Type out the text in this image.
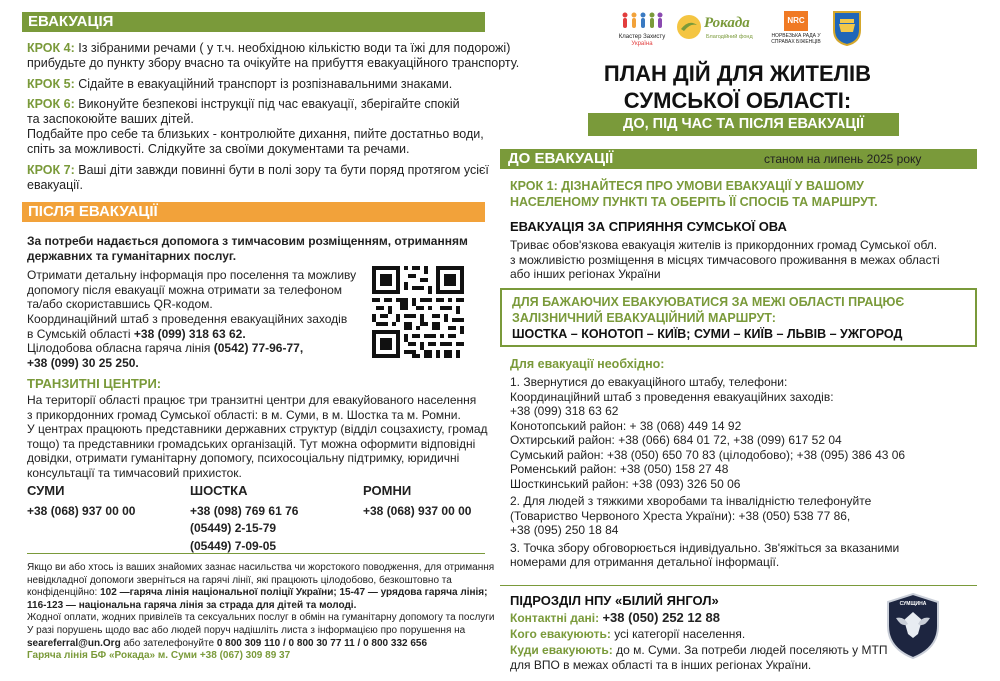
ЕВАКУАЦІЯ
КРОК 4: Із зібраними речами ( у т.ч. необхідною кількістю води та їжі для подорожі)
прибудьте до пункту збору вчасно та очікуйте на прибуття евакуаційного транспорту.
КРОК 5: Сідайте в евакуаційний транспорт із розпізнавальними знаками.
КРОК 6: Виконуйте безпекові інструкції під час евакуації, зберігайте спокій
та заспокоюйте ваших дітей.
Подбайте про себе та близьких - контролюйте дихання, пийте достатньо води,
спіть за можливості. Слідкуйте за своїми документами та речами.
КРОК 7: Ваші діти завжди повинні бути в полі зору та бути поряд протягом усієї
евакуації.
ПІСЛЯ ЕВАКУАЦІЇ
За потреби надається допомога з тимчасовим розміщенням, отриманням
державних та гуманітарних послуг.
Отримати детальну інформація про поселення та можливу
допомогу після евакуації можна отримати за телефоном
та/або скориставшись QR-кодом.
Координаційний штаб з проведення евакуаційних заходів
в Сумській області +38 (099) 318 63 62.
Цілодобова обласна гаряча лінія (0542) 77-96-77,
+38 (099) 30 25 250.
ТРАНЗИТНІ ЦЕНТРИ:
На території області працює три транзитні центри для евакуйованого населення
з прикордонних громад Сумської області: в м. Суми, в м. Шостка та м. Ромни.
У центрах працюють представники державних структур (відділ соцзахисту, громад
тощо) та представники громадських організацій. Тут можна оформити відповідні
довідки, отримати гуманітарну допомогу, психосоціальну підтримку, юридичні
консультації та тимчасовий прихисток.
СУМИ
+38 (068) 937 00 00
ШОСТКА
+38 (098) 769 61 76
(05449) 2-15-79
(05449) 7-09-05
РОМНИ
+38 (068) 937 00 00
Якщо ви або хтось із ваших знайомих зазнає насильства чи жорстокого поводження, для отримання
невідкладної допомоги зверніться на гарячі лінії, які працюють цілодобово, безкоштовно та
конфіденційно: 102 —гаряча лінія національної поліції України; 15-47 — урядова гаряча лінія;
116-123 — національна гаряча лінія за страда для дітей та молоді.
Жодної оплати, жодних привілеїв та сексуальних послуг в обмін на гуманітарну допомогу та послуги
У разі порушень щодо вас або людей поруч надішліть листа з інформацією про порушення на
seareferral@un.Org або зателефонуйте 0 800 309 110 / 0 800 30 77 11 / 0 800 332 656
Гаряча лінія БФ «Рокада» м. Суми +38 (067) 309 89 37
Кластер Захисту
Україна
Рокада
Благодійний фонд
NRC
НОРВЕЗЬКА РАДА У
СПРАВАХ БІЖЕНЦІВ
ПЛАН ДІЙ ДЛЯ ЖИТЕЛІВ
СУМСЬКОЇ ОБЛАСТІ:
ДО, ПІД ЧАС ТА ПІСЛЯ ЕВАКУАЦІЇ
ДО ЕВАКУАЦІЇ	станом на липень 2025 року
КРОК 1: ДІЗНАЙТЕСЯ ПРО УМОВИ ЕВАКУАЦІЇ У ВАШОМУ
НАСЕЛЕНОМУ ПУНКТІ ТА ОБЕРІТЬ ЇЇ СПОСІБ ТА МАРШРУТ.
ЕВАКУАЦІЯ ЗА СПРИЯННЯ СУМСЬКОЇ ОВА
Триває обов'язкова евакуація жителів із прикордонних громад Сумської обл.
з можливістю розміщення в місцях тимчасового проживання в межах області
або інших регіонах України
ДЛЯ БАЖАЮЧИХ ЕВАКУЮВАТИСЯ ЗА МЕЖІ ОБЛАСТІ ПРАЦЮЄ
ЗАЛІЗНИЧНИЙ ЕВАКУАЦІЙНИЙ МАРШРУТ:
ШОСТКА – КОНОТОП – КИЇВ; СУМИ – КИЇВ – ЛЬВІВ – УЖГОРОД
Для евакуації необхідно:
1. Звернутися до евакуаційного штабу, телефони:
Координаційний штаб з проведення евакуаційних заходів:
+38 (099) 318 63 62
Конотопський район: + 38 (068) 449 14 92
Охтирський район: +38 (066) 684 01 72, +38 (099) 617 52 04
Сумський район: +38 (050) 650 70 83 (цілодобово); +38 (095) 386 43 06
Роменський район: +38 (050) 158 27 48
Шосткинський район: +38 (093) 326 50 06
2. Для людей з тяжкими хворобами та інвалідністю телефонуйте
(Товариство Червоного Хреста України): +38 (050) 538 77 86,
+38 (095) 250 18 84
3. Точка збору обговорюється індивідуально. Зв'яжіться за вказаними
номерами для отримання детальної інформації.
ПІДРОЗДІЛ НПУ «БІЛИЙ ЯНГОЛ»
Контактні дані: +38 (050) 252 12 88
Кого евакуюють: усі категорії населення.
Куди евакуюють: до м. Суми. За потреби людей поселяють у МТП
для ВПО в межах області та в інших регіонах України.
СУМЩИНА
